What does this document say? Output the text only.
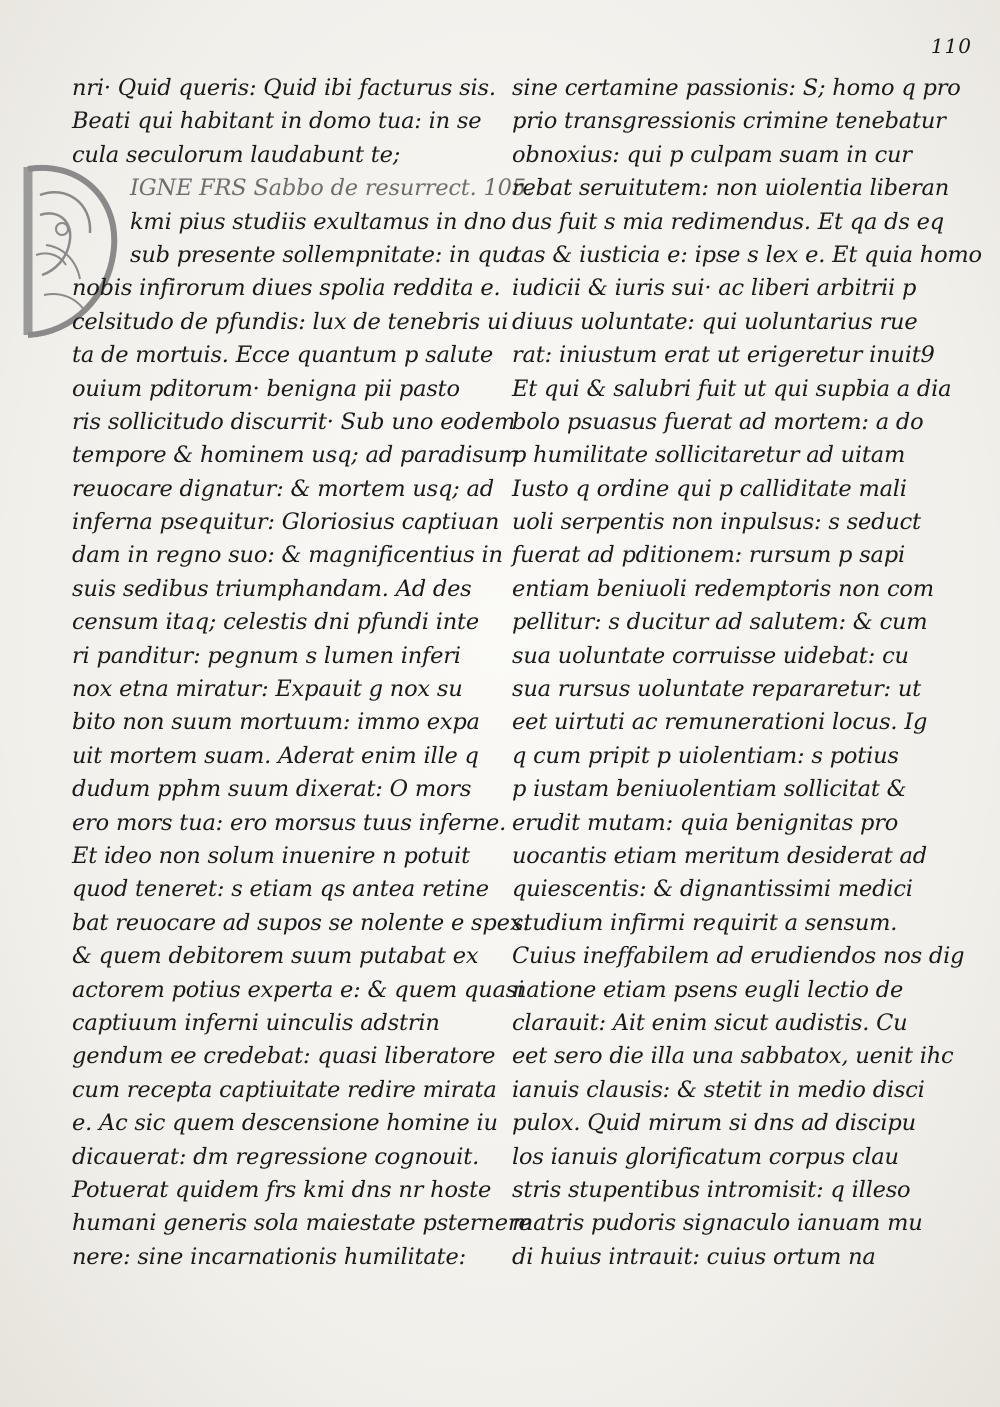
110
nri· Quid queris: Quid ibi facturus sis.
Beati qui habitant in domo tua: in se
cula seculorum laudabunt te;
IGNE FRS Sabbo de resurrect. 105.
kmi pius studiis exultamus in dno
sub presente sollempnitate: in qua
nobis infirorum diues spolia reddita e.
celsitudo de pfundis: lux de tenebris ui
ta de mortuis. Ecce quantum p salute
ouium pditorum· benigna pii pasto
ris sollicitudo discurrit· Sub uno eodem
tempore & hominem usq; ad paradisum
reuocare dignatur: & mortem usq; ad
inferna psequitur: Gloriosius captiuan
dam in regno suo: & magnificentius in
suis sedibus triumphandam. Ad des
censum itaq; celestis dni pfundi inte
ri panditur: pegnum s lumen inferi
nox etna miratur: Expauit g nox su
bito non suum mortuum: immo expa
uit mortem suam. Aderat enim ille q
dudum pphm suum dixerat: O mors
ero mors tua: ero morsus tuus inferne.
Et ideo non solum inuenire n potuit
quod teneret: s etiam qs antea retine
bat reuocare ad supos se nolente e spex.
& quem debitorem suum putabat ex
actorem potius experta e: & quem quasi
captiuum inferni uinculis adstrin
gendum ee credebat: quasi liberatore
cum recepta captiuitate redire mirata
e. Ac sic quem descensione homine iu
dicauerat: dm regressione cognouit.
Potuerat quidem frs kmi dns nr hoste
humani generis sola maiestate psternere
nere: sine incarnationis humilitate:
sine certamine passionis: S; homo q pro
prio transgressionis crimine tenebatur
obnoxius: qui p culpam suam in cur
rebat seruitutem: non uiolentia liberan
dus fuit s mia redimendus. Et qa ds eq
tas & iusticia e: ipse s lex e. Et quia homo
iudicii & iuris sui· ac liberi arbitrii p
diuus uoluntate: qui uoluntarius rue
rat: iniustum erat ut erigeretur inuit9
Et qui & salubri fuit ut qui supbia a dia
bolo psuasus fuerat ad mortem: a do
p humilitate sollicitaretur ad uitam
Iusto q ordine qui p calliditate mali
uoli serpentis non inpulsus: s seduct
fuerat ad pditionem: rursum p sapi
entiam beniuoli redemptoris non com
pellitur: s ducitur ad salutem: & cum
sua uoluntate corruisse uidebat: cu
sua rursus uoluntate repararetur: ut
eet uirtuti ac remunerationi locus. Ig
q cum pripit p uiolentiam: s potius
p iustam beniuolentiam sollicitat &
erudit mutam: quia benignitas pro
uocantis etiam meritum desiderat ad
quiescentis: & dignantissimi medici
studium infirmi requirit a sensum.
Cuius ineffabilem ad erudiendos nos dig
natione etiam psens eugli lectio de
clarauit: Ait enim sicut audistis. Cu
eet sero die illa una sabbatox, uenit ihc
ianuis clausis: & stetit in medio disci
pulox. Quid mirum si dns ad discipu
los ianuis glorificatum corpus clau
stris stupentibus intromisit: q illeso
matris pudoris signaculo ianuam mu
di huius intrauit: cuius ortum na
